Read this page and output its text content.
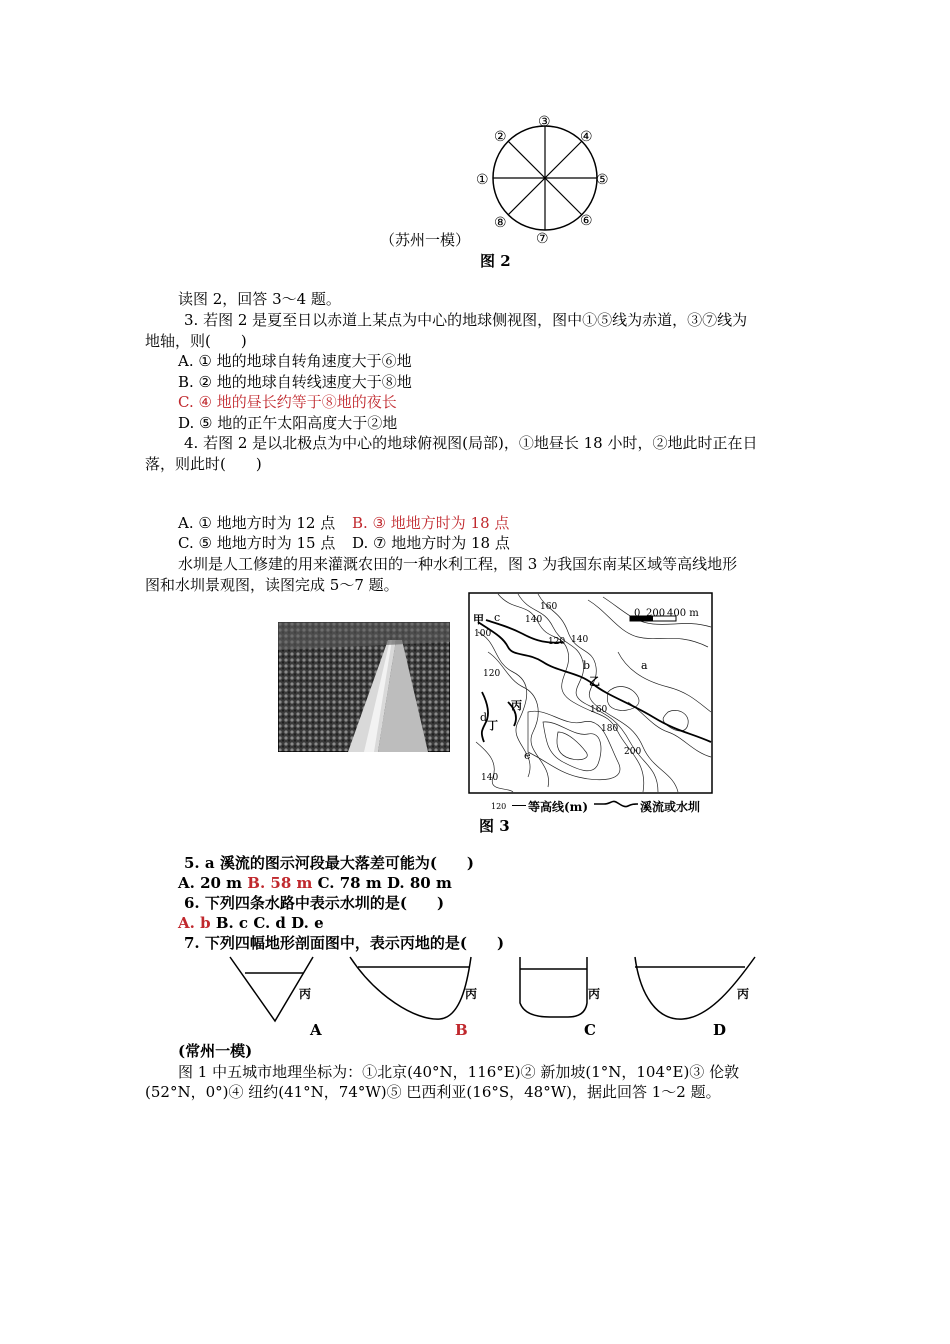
①
②
③
④
⑤
⑥
⑦
⑧
（苏州一模）
图 2
读图 2，回答 3～4 题。
3. 若图 2 是夏至日以赤道上某点为中心的地球侧视图，图中①⑤线为赤道，③⑦线为
地轴，则(　　)
A. ① 地的地球自转角速度大于⑥地
B. ② 地的地球自转线速度大于⑧地
C. ④ 地的昼长约等于⑧地的夜长
D. ⑤ 地的正午太阳高度大于②地
4. 若图 2 是以北极点为中心的地球俯视图(局部)，①地昼长 18 小时，②地此时正在日
落，则此时(　　)
A. ① 地地方时为 12 点 B. ③ 地地方时为 18 点
C. ⑤ 地地方时为 15 点 D. ⑦ 地地方时为 18 点
水圳是人工修建的用来灌溉农田的一种水利工程，图 3 为我国东南某区域等高线地形
图和水圳景观图，读图完成 5～7 题。
0 200 400 m
甲
乙
丙
丁
a
b
c
d
e
160
140
120
100
140
120
160
180
200
140
120 等高线(m)	溪流或水圳
图 3
5. a 溪流的图示河段最大落差可能为(　　)
A. 20 m B. 58 m C. 78 m D. 80 m
6. 下列四条水路中表示水圳的是(　　)
A. b B. c C. d D. e
7. 下列四幅地形剖面图中，表示丙地的是(　　)
丙	丙	丙	丙
A	B	C	D
(常州一模)
图 1 中五城市地理坐标为：①北京(40°N，116°E)② 新加坡(1°N，104°E)③ 伦敦
(52°N，0°)④ 纽约(41°N，74°W)⑤ 巴西利亚(16°S，48°W)，据此回答 1～2 题。
